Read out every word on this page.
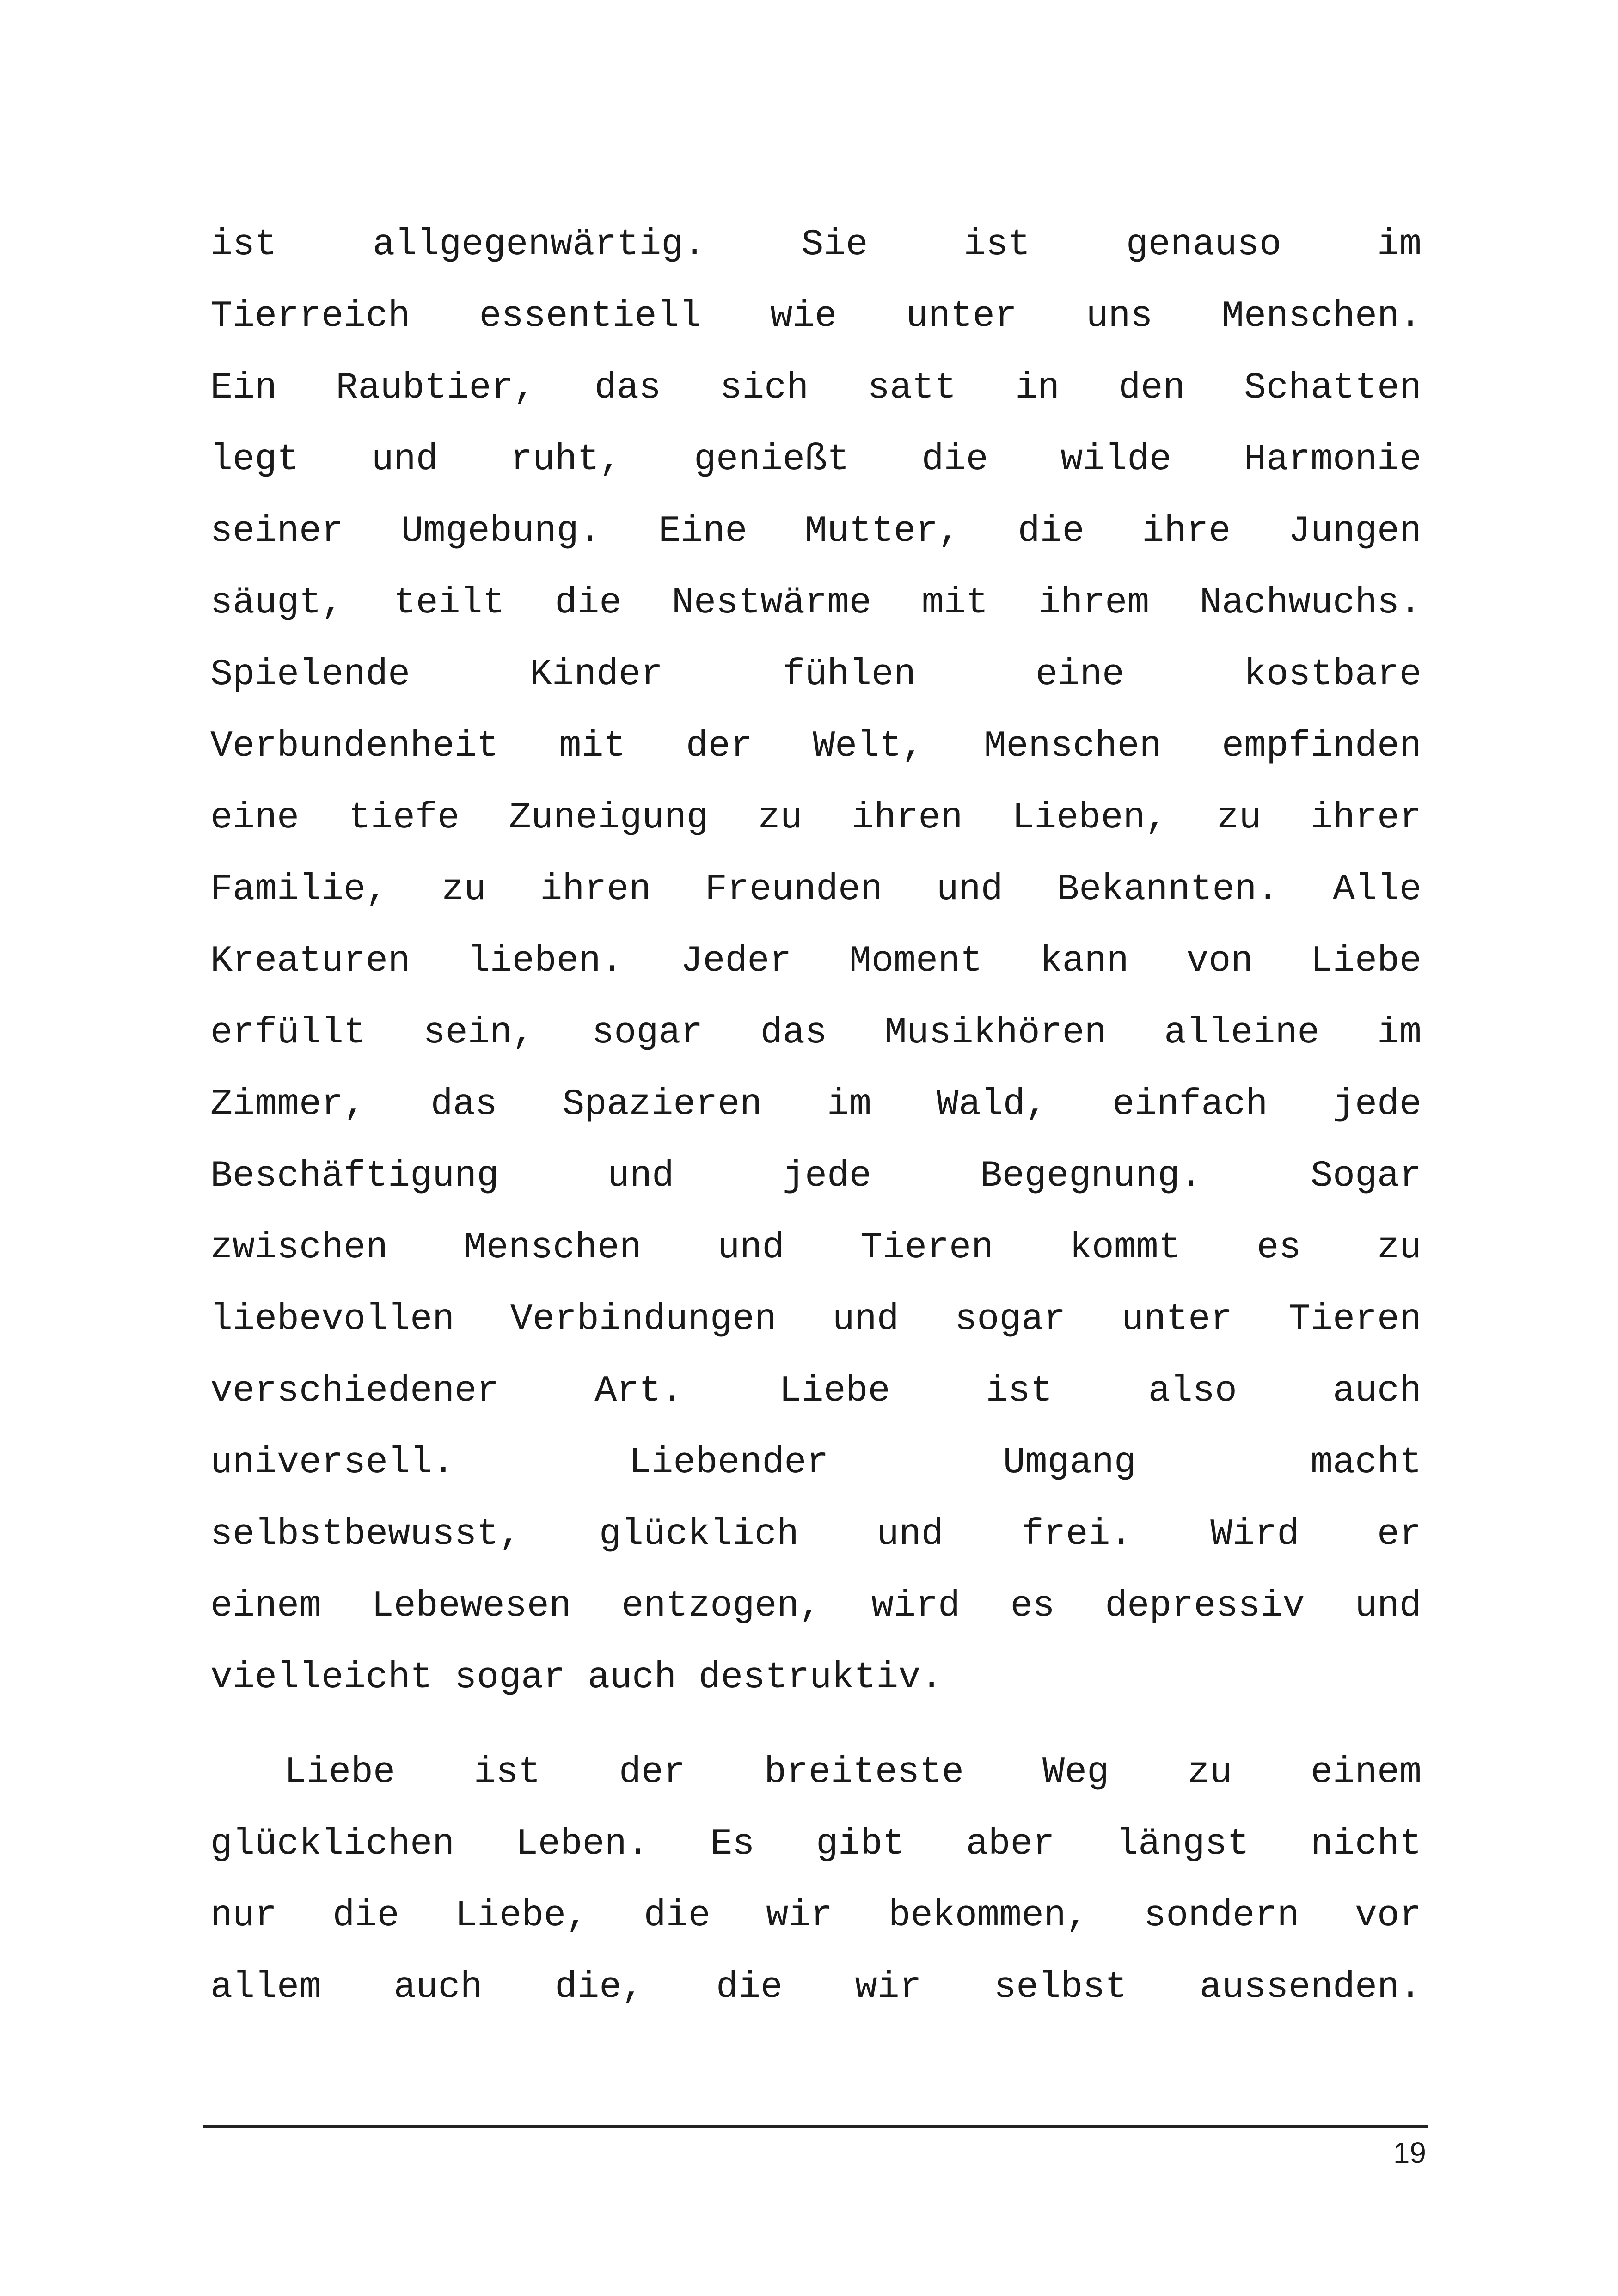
ist allgegenwärtig. Sie ist genauso im
Tierreich essentiell wie unter uns Menschen.
Ein Raubtier, das sich satt in den Schatten
legt und ruht, genießt die wilde Harmonie
seiner Umgebung. Eine Mutter, die ihre Jungen
säugt, teilt die Nestwärme mit ihrem Nachwuchs.
Spielende Kinder fühlen eine kostbare
Verbundenheit mit der Welt, Menschen empfinden
eine tiefe Zuneigung zu ihren Lieben, zu ihrer
Familie, zu ihren Freunden und Bekannten. Alle
Kreaturen lieben. Jeder Moment kann von Liebe
erfüllt sein, sogar das Musikhören alleine im
Zimmer, das Spazieren im Wald, einfach jede
Beschäftigung und jede Begegnung. Sogar
zwischen Menschen und Tieren kommt es zu
liebevollen Verbindungen und sogar unter Tieren
verschiedener Art. Liebe ist also auch
universell. Liebender Umgang macht
selbstbewusst, glücklich und frei. Wird er
einem Lebewesen entzogen, wird es depressiv und
vielleicht sogar auch destruktiv.
Liebe ist der breiteste Weg zu einem
glücklichen Leben. Es gibt aber längst nicht
nur die Liebe, die wir bekommen, sondern vor
allem auch die, die wir selbst aussenden.
19
